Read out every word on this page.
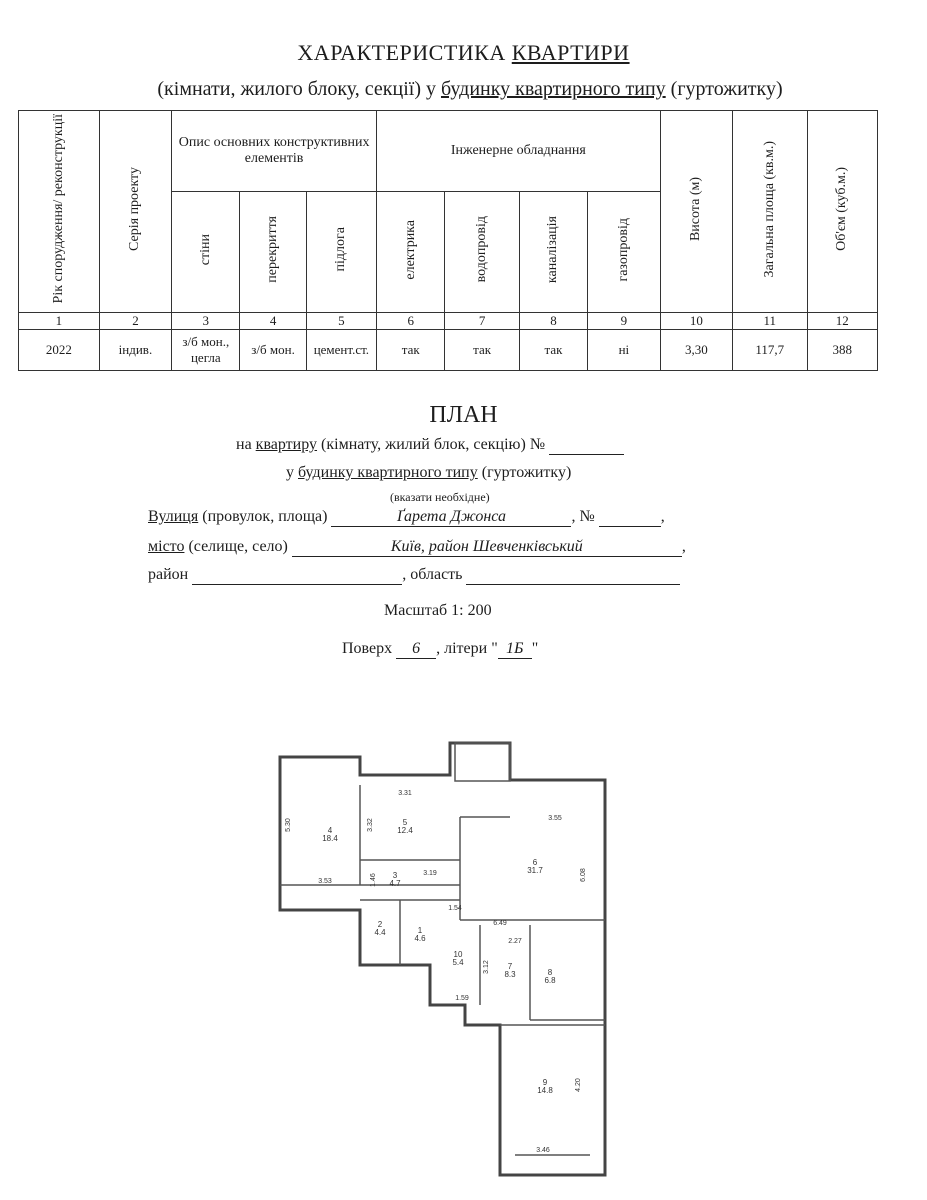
ХАРАКТЕРИСТИКА КВАРТИРИ
(кімнати, жилого блоку, секції) у будинку квартирного типу (гуртожитку)
Рік спорудження/ реконструкції	Серія проекту	Опис основних конструктивних елементів			Інженерне обладнання				Висота (м)	Загальна площа (кв.м.)	Об'єм (куб.м.)
		стіни	перекриття	підлога	електрика	водопровід	каналізація	газопровід			
1	2	3	4	5	6	7	8	9	10	11	12
2022	індив.	з/б мон., цегла	з/б мон.	цемент.ст.	так	так	так	ні	3,30	117,7	388
ПЛАН
на квартиру (кімнату, жилий блок, секцію) №
у будинку квартирного типу (гуртожитку)
(вказати необхідне)
Вулиця (провулок, площа)	Ґарета Джонса	, №	,
місто (селище, село)	Київ, район Шевченківський	,
район	, область
Масштаб 1: 200
Поверх 6 , літери " 1Б "
3.31
5.30	3.32	3.55
6.08
3.53	1.46	3.19
1.54
6.49
2.27
3.12
1.59
4.20
3.46
4
18.4
5
12.4
6
31.7
3
4.7
2
4.4	1
4.6
10
5.4	7
8.3	8
6.8
9
14.8
